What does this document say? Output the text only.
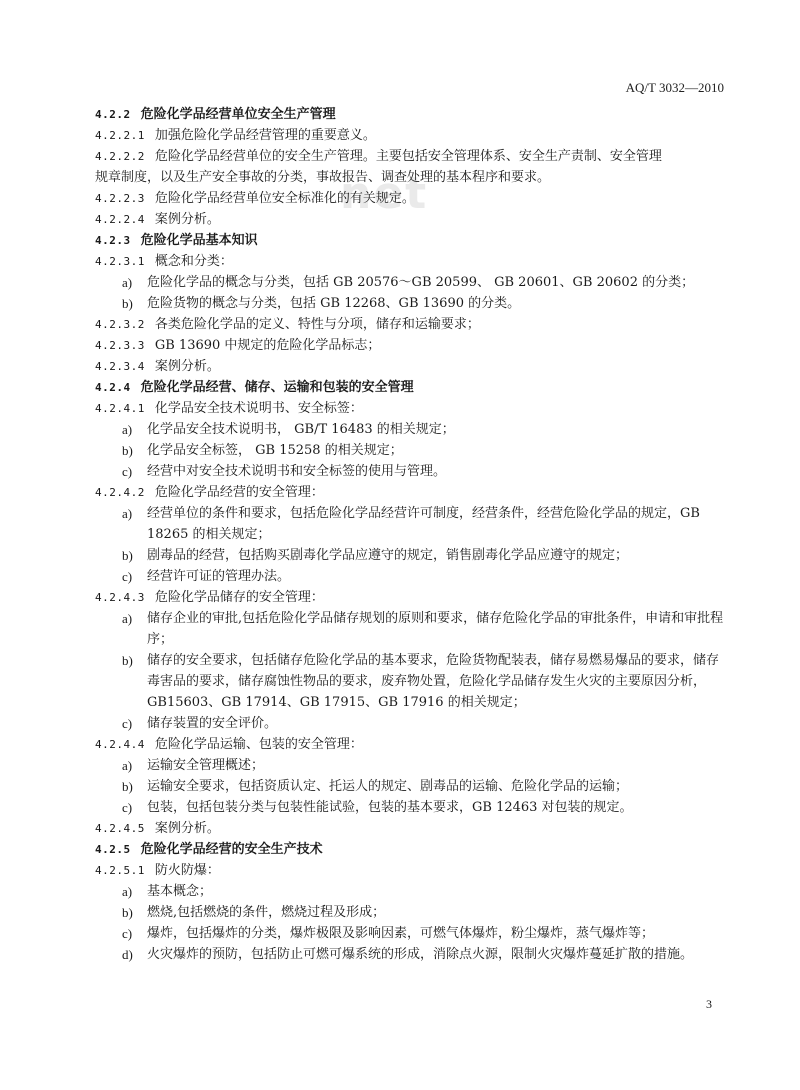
AQ/T 3032—2010
net
4.2.2 危险化学品经营单位安全生产管理
4.2.2.1 加强危险化学品经营管理的重要意义。
4.2.2.2 危险化学品经营单位的安全生产管理。主要包括安全管理体系、安全生产责制、安全管理
规章制度，以及生产安全事故的分类，事故报告、调查处理的基本程序和要求。
4.2.2.3 危险化学品经营单位安全标准化的有关规定。
4.2.2.4 案例分析。
4.2.3 危险化学品基本知识
4.2.3.1 概念和分类：
a)	危险化学品的概念与分类，包括 GB 20576～GB 20599、 GB 20601、GB 20602 的分类；
b)	危险货物的概念与分类，包括 GB 12268、GB 13690 的分类。
4.2.3.2 各类危险化学品的定义、特性与分项，储存和运输要求；
4.2.3.3 GB 13690 中规定的危险化学品标志；
4.2.3.4 案例分析。
4.2.4 危险化学品经营、储存、运输和包装的安全管理
4.2.4.1 化学品安全技术说明书、安全标签：
a)	化学品安全技术说明书， GB/T 16483 的相关规定；
b)	化学品安全标签， GB 15258 的相关规定；
c)	经营中对安全技术说明书和安全标签的使用与管理。
4.2.4.2 危险化学品经营的安全管理：
a)	经营单位的条件和要求，包括危险化学品经营许可制度，经营条件，经营危险化学品的规定，GB 18265 的相关规定；
b)	剧毒品的经营，包括购买剧毒化学品应遵守的规定，销售剧毒化学品应遵守的规定；
c)	经营许可证的管理办法。
4.2.4.3 危险化学品储存的安全管理：
a)	储存企业的审批,包括危险化学品储存规划的原则和要求，储存危险化学品的审批条件，申请和审批程序；
b)	储存的安全要求，包括储存危险化学品的基本要求，危险货物配装表，储存易燃易爆品的要求，储存毒害品的要求，储存腐蚀性物品的要求，废弃物处置，危险化学品储存发生火灾的主要原因分析，GB15603、GB 17914、GB 17915、GB 17916 的相关规定；
c)	储存装置的安全评价。
4.2.4.4 危险化学品运输、包装的安全管理：
a)	运输安全管理概述；
b)	运输安全要求，包括资质认定、托运人的规定、剧毒品的运输、危险化学品的运输；
c)	包装，包括包装分类与包装性能试验，包装的基本要求，GB 12463 对包装的规定。
4.2.4.5 案例分析。
4.2.5 危险化学品经营的安全生产技术
4.2.5.1 防火防爆：
a)	基本概念；
b)	燃烧,包括燃烧的条件，燃烧过程及形成；
c)	爆炸，包括爆炸的分类，爆炸极限及影响因素，可燃气体爆炸，粉尘爆炸，蒸气爆炸等；
d)	火灾爆炸的预防，包括防止可燃可爆系统的形成，消除点火源，限制火灾爆炸蔓延扩散的措施。
3
